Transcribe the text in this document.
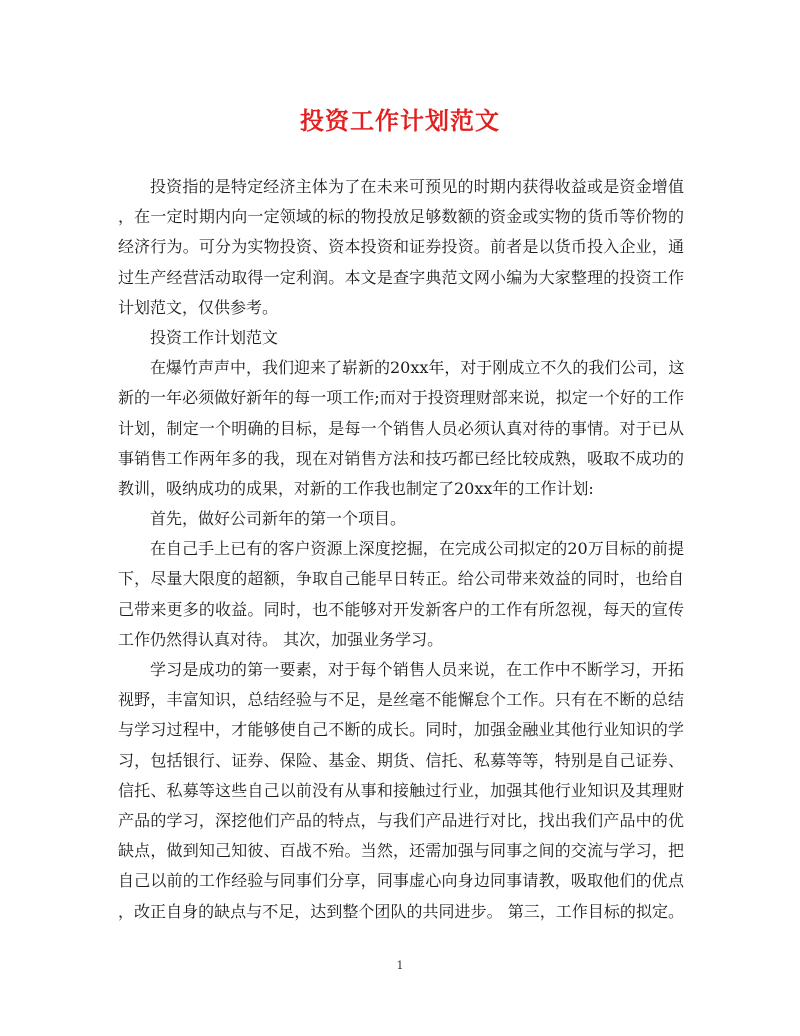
投资工作计划范文
投资指的是特定经济主体为了在未来可预见的时期内获得收益或是资金增值
，在一定时期内向一定领域的标的物投放足够数额的资金或实物的货币等价物的
经济行为。可分为实物投资、资本投资和证券投资。前者是以货币投入企业，通
过生产经营活动取得一定利润。本文是查字典范文网小编为大家整理的投资工作
计划范文，仅供参考。
投资工作计划范文
在爆竹声声中，我们迎来了崭新的20xx年，对于刚成立不久的我们公司，这
新的一年必须做好新年的每一项工作;而对于投资理财部来说，拟定一个好的工作
计划，制定一个明确的目标，是每一个销售人员必须认真对待的事情。对于已从
事销售工作两年多的我，现在对销售方法和技巧都已经比较成熟，吸取不成功的
教训，吸纳成功的成果，对新的工作我也制定了20xx年的工作计划:
首先，做好公司新年的第一个项目。
在自己手上已有的客户资源上深度挖掘，在完成公司拟定的20万目标的前提
下，尽量大限度的超额，争取自己能早日转正。给公司带来效益的同时，也给自
己带来更多的收益。同时，也不能够对开发新客户的工作有所忽视，每天的宣传
工作仍然得认真对待。 其次，加强业务学习。
学习是成功的第一要素，对于每个销售人员来说，在工作中不断学习，开拓
视野，丰富知识，总结经验与不足，是丝毫不能懈怠个工作。只有在不断的总结
与学习过程中，才能够使自己不断的成长。同时，加强金融业其他行业知识的学
习，包括银行、证券、保险、基金、期货、信托、私募等等，特别是自己证券、
信托、私募等这些自己以前没有从事和接触过行业，加强其他行业知识及其理财
产品的学习，深挖他们产品的特点，与我们产品进行对比，找出我们产品中的优
缺点，做到知己知彼、百战不殆。当然，还需加强与同事之间的交流与学习，把
自己以前的工作经验与同事们分享，同事虚心向身边同事请教，吸取他们的优点
，改正自身的缺点与不足，达到整个团队的共同进步。 第三，工作目标的拟定。
1
